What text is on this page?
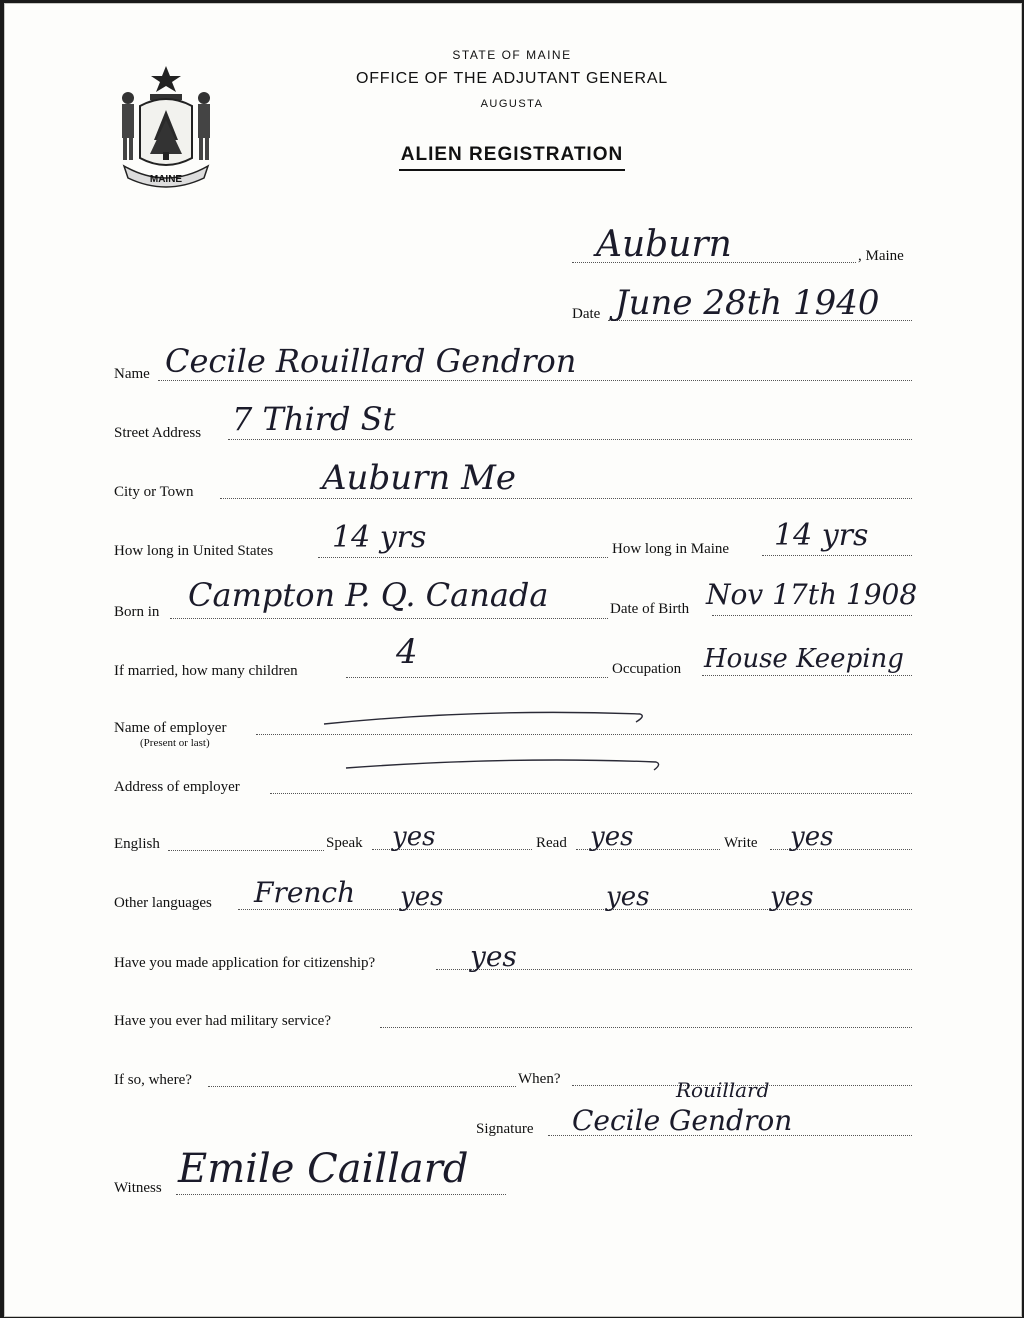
MAINE
STATE OF MAINE
OFFICE OF THE ADJUTANT GENERAL
AUGUSTA
ALIEN REGISTRATION
Auburn	, Maine
Date June 28th 1940
Name Cecile Rouillard Gendron
Street Address 7 Third St
City or Town	Auburn Me
How long in United States 14 yrs	How long in Maine 14 yrs
Born in Campton P. Q. Canada	Date of Birth Nov 17th 1908
If married, how many children	4	Occupation House Keeping
Name of employer
(Present or last)
Address of employer
English	Speak yes	Read yes	Write yes
Other languages French yes	yes	yes
Have you made application for citizenship?	yes
Have you ever had military service?
If so, where?	When?
Signature
Rouillard
Cecile Gendron
Witness Emile Caillard
